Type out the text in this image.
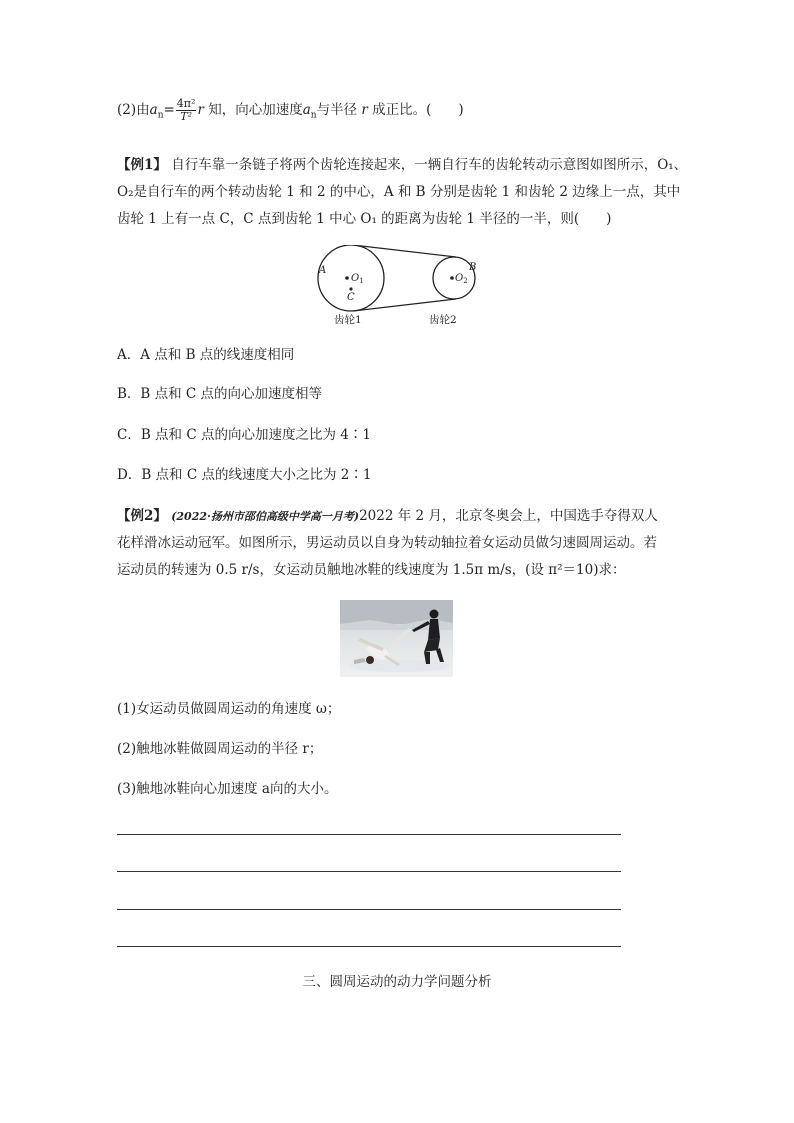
(2)由$a_n= \frac{\text{4π²}}{\text{T²}}$ r 知，向心加速度$a_n$与半径 r 成正比。(　　)
【例1】 自行车靠一条链子将两个齿轮连接起来，一辆自行车的齿轮转动示意图如图所示，O₁、
O₂是自行车的两个转动齿轮 1 和 2 的中心，A 和 B 分别是齿轮 1 和齿轮 2 边缘上一点，其中
齿轮 1 上有一点 C，C 点到齿轮 1 中心 O₁ 的距离为齿轮 1 半径的一半，则(　　)
A
$O_1$
C
$O_2$
B
齿轮1	齿轮2
A．A 点和 B 点的线速度相同
B．B 点和 C 点的向心加速度相等
C．B 点和 C 点的向心加速度之比为 4∶1
D．B 点和 C 点的线速度大小之比为 2∶1
【例2】 (2022·扬州市邵伯高级中学高一月考)2022 年 2 月，北京冬奥会上，中国选手夺得双人
花样滑冰运动冠军。如图所示，男运动员以自身为转动轴拉着女运动员做匀速圆周运动。若
运动员的转速为 0.5 r/s，女运动员触地冰鞋的线速度为 1.5π m/s，(设 π²＝10)求：
(1)女运动员做圆周运动的角速度 ω；
(2)触地冰鞋做圆周运动的半径 r；
(3)触地冰鞋向心加速度 a向的大小。
三、圆周运动的动力学问题分析
